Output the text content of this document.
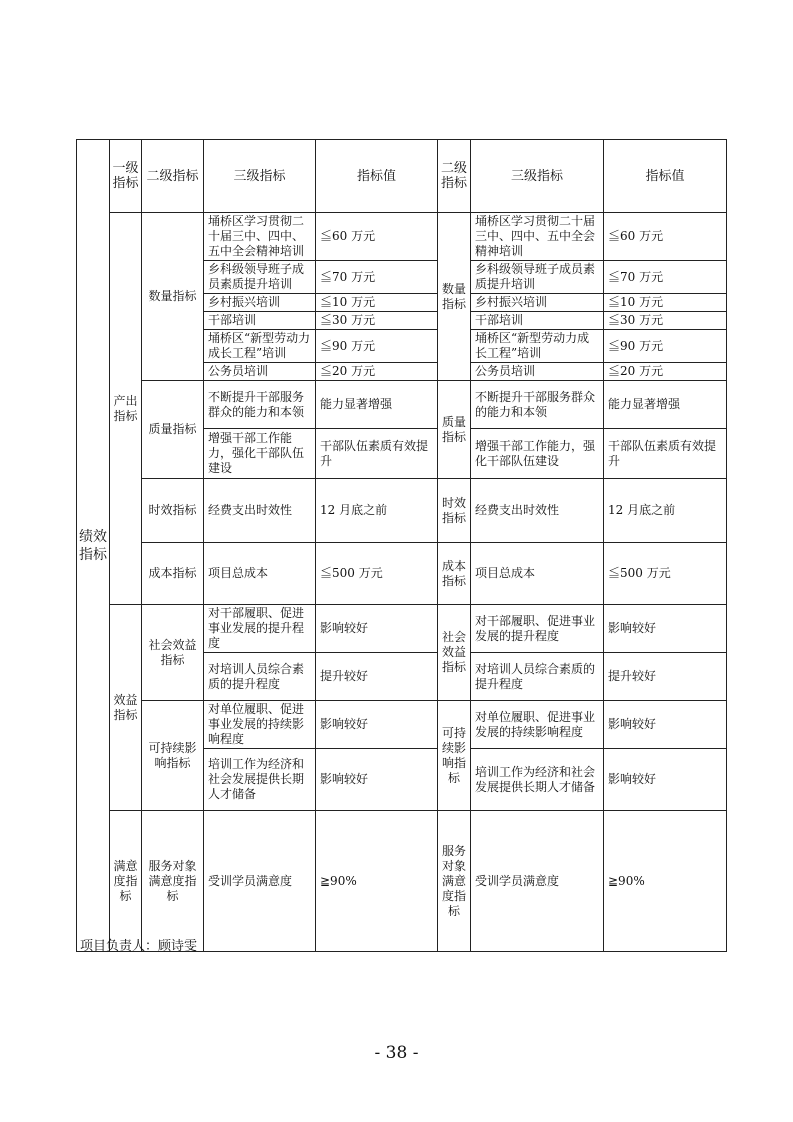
绩效指标	一级指标	二级指标	三级指标	指标值	二级指标	三级指标	指标值
	产出指标	数量指标	埇桥区学习贯彻二十届三中、四中、五中全会精神培训	≦60 万元	数量指标	埇桥区学习贯彻二十届三中、四中、五中全会精神培训	≦60 万元
			乡科级领导班子成员素质提升培训	≦70 万元		乡科级领导班子成员素质提升培训	≦70 万元
			乡村振兴培训	≦10 万元		乡村振兴培训	≦10 万元
			干部培训	≦30 万元		干部培训	≦30 万元
			埇桥区“新型劳动力成长工程”培训	≦90 万元		埇桥区“新型劳动力成长工程”培训	≦90 万元
			公务员培训	≦20 万元		公务员培训	≦20 万元
		质量指标	不断提升干部服务群众的能力和本领	能力显著增强	质量指标	不断提升干部服务群众的能力和本领	能力显著增强
			增强干部工作能力，强化干部队伍建设	干部队伍素质有效提升		增强干部工作能力，强化干部队伍建设	干部队伍素质有效提升
		时效指标	经费支出时效性	12 月底之前	时效指标	经费支出时效性	12 月底之前
		成本指标	项目总成本	≦500 万元	成本指标	项目总成本	≦500 万元
	效益指标	社会效益指标	对干部履职、促进事业发展的提升程度	影响较好	社会效益指标	对干部履职、促进事业发展的提升程度	影响较好
			对培训人员综合素质的提升程度	提升较好		对培训人员综合素质的提升程度	提升较好
		可持续影响指标	对单位履职、促进事业发展的持续影响程度	影响较好	可持续影响指标	对单位履职、促进事业发展的持续影响程度	影响较好
			培训工作为经济和社会发展提供长期人才储备	影响较好		培训工作为经济和社会发展提供长期人才储备	影响较好
	满意度指标	服务对象满意度指标	受训学员满意度	≧90%	服务对象满意度指标	受训学员满意度	≧90%
项目负责人：顾诗雯
- 38 -
